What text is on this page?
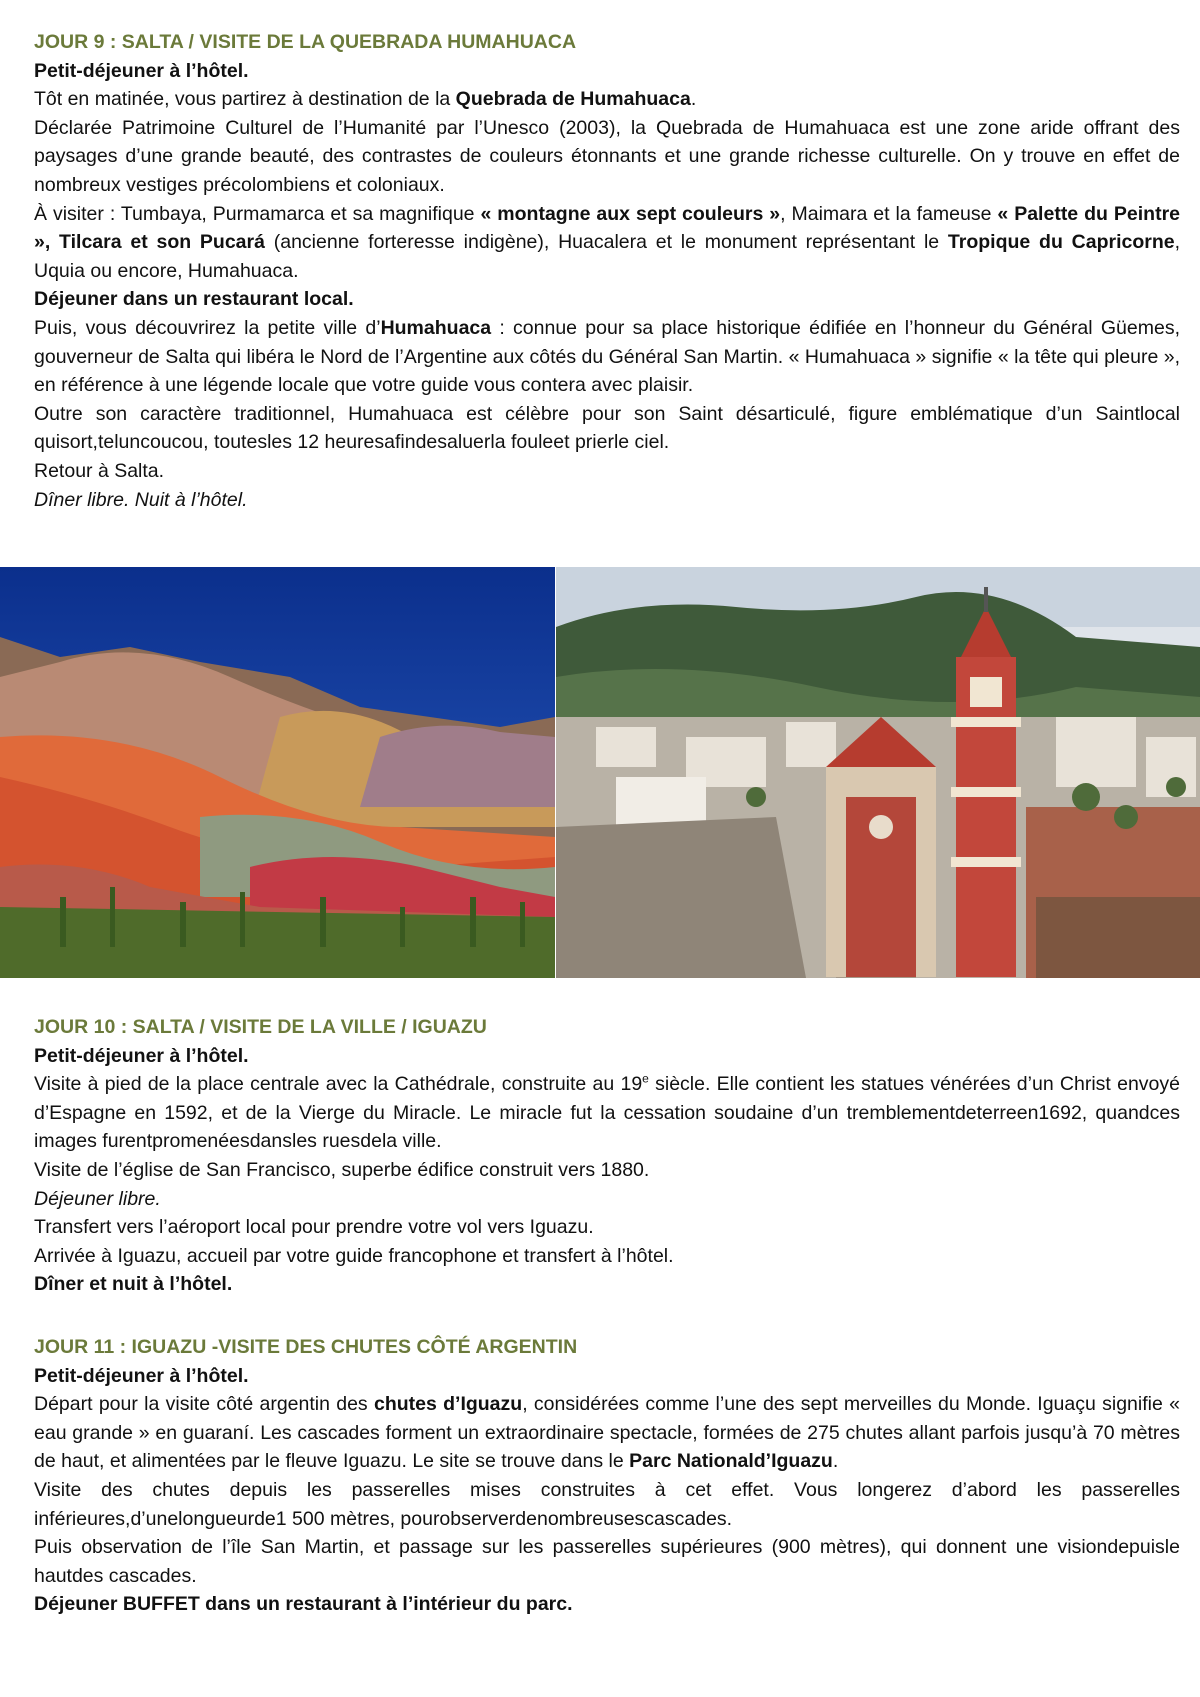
JOUR 9 : SALTA / VISITE DE LA QUEBRADA HUMAHUACA
Petit-déjeuner à l’hôtel.
Tôt en matinée, vous partirez à destination de la Quebrada de Humahuaca.
Déclarée Patrimoine Culturel de l’Humanité par l’Unesco (2003), la Quebrada de Humahuaca est une zone aride offrant des paysages d’une grande beauté, des contrastes de couleurs étonnants et une grande richesse culturelle. On y trouve en effet de nombreux vestiges précolombiens et coloniaux.
À visiter : Tumbaya, Purmamarca et sa magnifique « montagne aux sept couleurs », Maimara et la fameuse « Palette du Peintre », Tilcara et son Pucará (ancienne forteresse indigène), Huacalera et le monument représentant le Tropique du Capricorne, Uquia ou encore, Humahuaca.
Déjeuner dans un restaurant local.
Puis, vous découvrirez la petite ville d’Humahuaca : connue pour sa place historique édifiée en l’honneur du Général Güemes, gouverneur de Salta qui libéra le Nord de l’Argentine aux côtés du Général San Martin. « Humahuaca » signifie « la tête qui pleure », en référence à une légende locale que votre guide vous contera avec plaisir.
Outre son caractère traditionnel, Humahuaca est célèbre pour son Saint désarticulé, figure emblématique d’un Saintlocal quisort,teluncoucou, toutesles 12 heuresafindesaluerla fouleet prierle ciel.
Retour à Salta.
Dîner libre. Nuit à l’hôtel.
JOUR 10 : SALTA / VISITE DE LA VILLE / IGUAZU
Petit-déjeuner à l’hôtel.
Visite à pied de la place centrale avec la Cathédrale, construite au 19e siècle. Elle contient les statues vénérées d’un Christ envoyé d’Espagne en 1592, et de la Vierge du Miracle. Le miracle fut la cessation soudaine d’un tremblementdeterreen1692, quandces images furentpromenéesdansles ruesdela ville.
Visite de l’église de San Francisco, superbe édifice construit vers 1880.
Déjeuner libre.
Transfert vers l’aéroport local pour prendre votre vol vers Iguazu.
Arrivée à Iguazu, accueil par votre guide francophone et transfert à l’hôtel.
Dîner et nuit à l’hôtel.
JOUR 11 : IGUAZU -VISITE DES CHUTES CÔTÉ ARGENTIN
Petit-déjeuner à l’hôtel.
Départ pour la visite côté argentin des chutes d’Iguazu, considérées comme l’une des sept merveilles du Monde. Iguaçu signifie « eau grande » en guaraní. Les cascades forment un extraordinaire spectacle, formées de 275 chutes allant parfois jusqu’à 70 mètres de haut, et alimentées par le fleuve Iguazu. Le site se trouve dans le Parc Nationald’Iguazu.
Visite des chutes depuis les passerelles mises construites à cet effet. Vous longerez d’abord les passerelles inférieures,d’unelongueurde1 500 mètres, pourobserverdenombreusescascades.
Puis observation de l’île San Martin, et passage sur les passerelles supérieures (900 mètres), qui donnent une visiondepuisle hautdes cascades.
Déjeuner BUFFET dans un restaurant à l’intérieur du parc.
